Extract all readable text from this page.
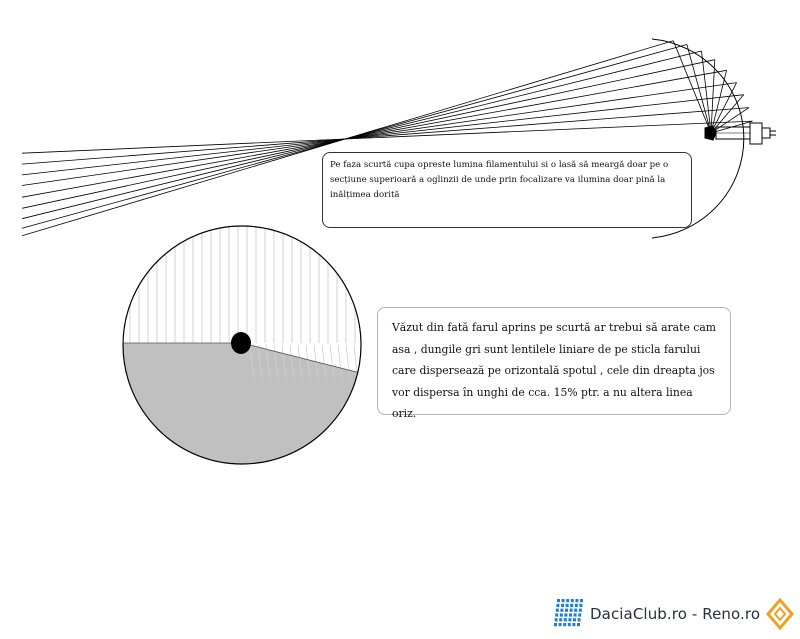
Pe faza scurtă cupa opreste lumina filamentului si o lasă să meargă doar pe o secțiune superioară a oglinzii de unde prin focalizare va ilumina doar pină la inălțimea dorită
Văzut din fată farul aprins pe scurtă ar trebui să arate cam asa , dungile gri sunt lentilele liniare de pe sticla farului care dispersează pe orizontală spotul , cele din dreapta jos vor dispersa în unghi de cca. 15% ptr. a nu altera linea oriz.
DaciaClub.ro - Reno.ro
